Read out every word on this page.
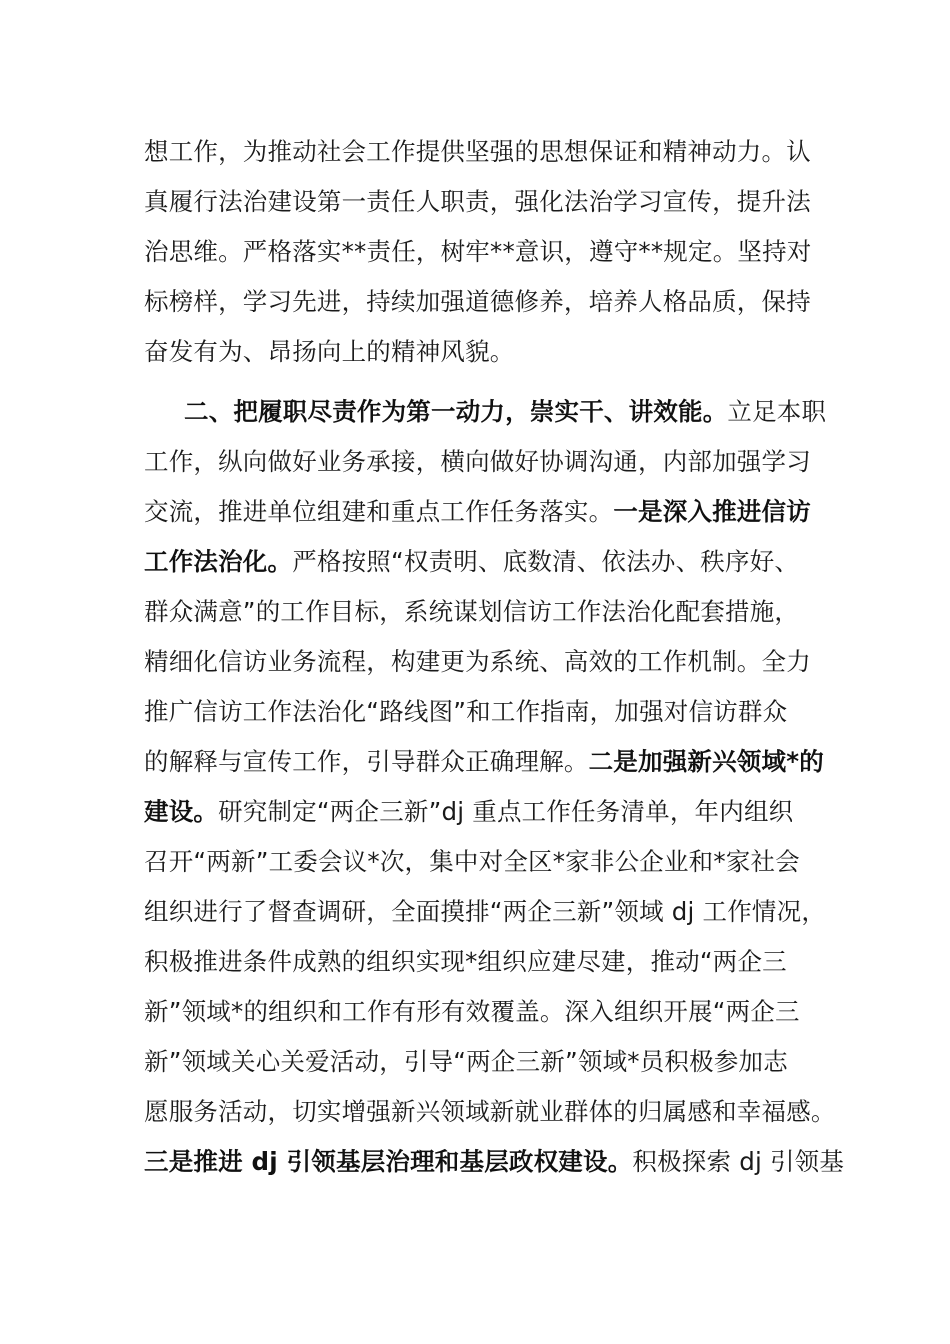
想工作，为推动社会工作提供坚强的思想保证和精神动力。认
真履行法治建设第一责任人职责，强化法治学习宣传，提升法
治思维。严格落实**责任，树牢**意识，遵守**规定。坚持对
标榜样，学习先进，持续加强道德修养，培养人格品质，保持
奋发有为、昂扬向上的精神风貌。
二、把履职尽责作为第一动力，崇实干、讲效能。立足本职
工作，纵向做好业务承接，横向做好协调沟通，内部加强学习
交流，推进单位组建和重点工作任务落实。一是深入推进信访
工作法治化。严格按照“权责明、底数清、依法办、秩序好、
群众满意”的工作目标，系统谋划信访工作法治化配套措施，
精细化信访业务流程，构建更为系统、高效的工作机制。全力
推广信访工作法治化“路线图”和工作指南，加强对信访群众
的解释与宣传工作，引导群众正确理解。二是加强新兴领域*的
建设。研究制定“两企三新”dj 重点工作任务清单，年内组织
召开“两新”工委会议*次，集中对全区*家非公企业和*家社会
组织进行了督查调研，全面摸排“两企三新”领域 dj 工作情况，
积极推进条件成熟的组织实现*组织应建尽建，推动“两企三
新”领域*的组织和工作有形有效覆盖。深入组织开展“两企三
新”领域关心关爱活动，引导“两企三新”领域*员积极参加志
愿服务活动，切实增强新兴领域新就业群体的归属感和幸福感。
三是推进 dj 引领基层治理和基层政权建设。积极探索 dj 引领基
